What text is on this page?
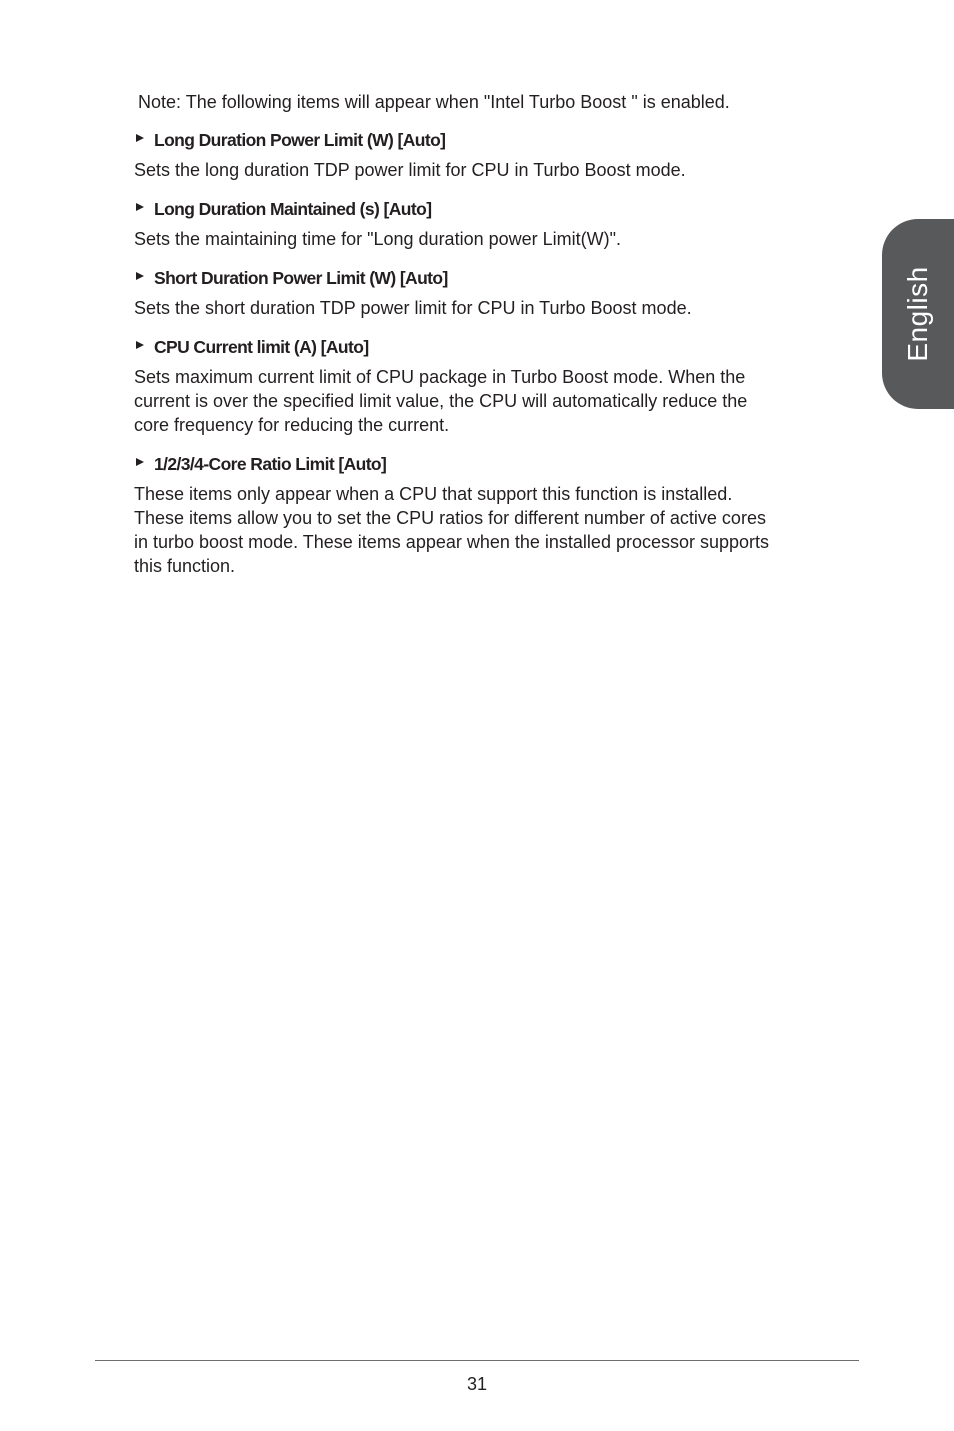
Note: The following items will appear when "Intel Turbo Boost " is enabled.
Long Duration Power Limit (W) [Auto]

Sets the long duration TDP power limit for CPU in Turbo Boost mode.

Long Duration Maintained (s) [Auto]

Sets the maintaining time for "Long duration power Limit(W)".

Short Duration Power Limit (W) [Auto]

Sets the short duration TDP power limit for CPU in Turbo Boost mode.

CPU Current limit (A) [Auto]

Sets maximum current limit of CPU package in Turbo Boost mode. When the
current is over the specified limit value, the CPU will automatically reduce the
core frequency for reducing the current.

1/2/3/4-Core Ratio Limit [Auto]

These items only appear when a CPU that support this function is installed.
These items allow you to set the CPU ratios for different number of active cores
in turbo boost mode. These items appear when the installed processor supports
this function.

English
31
